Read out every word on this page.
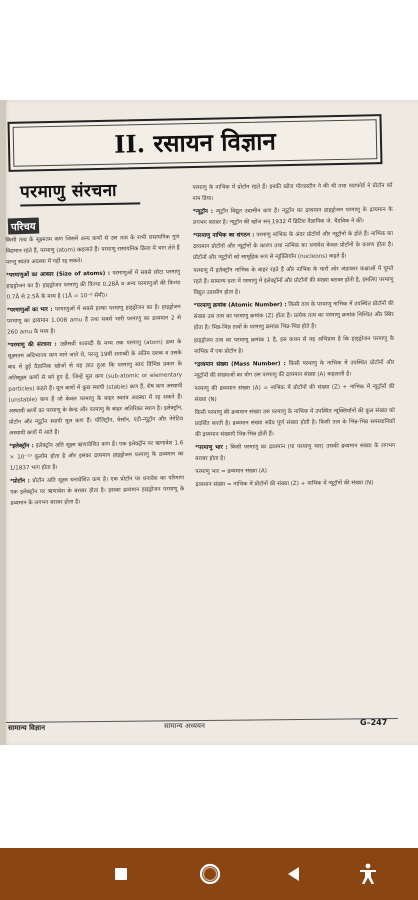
II. रसायन विज्ञान
परमाणु संरचना
परिचय

किसी तत्व के सूक्ष्मतम कण जिसमें अन्य कणों से उस तत्व के सभी रासायनिक गुण विद्यमान रहते हैं, परमाणु (atom) कहलाते हैं। परमाणु रासायनिक क्रिया में भाग लेते हैं परन्तु स्वतंत्र अवस्था में नहीं रह सकते।

*परमाणुओं का आकार (Size of atoms) : परमाणुओं में सबसे छोटा परमाणु हाइड्रोजन का है। हाइड्रोजन परमाणु की त्रिज्या 0.28Å व अन्य परमाणुओं की त्रिज्या 0.7Å से 2.5Å के मध्य है (1Å = 10⁻⁸ सेमी)।

*परमाणुओं का भार : परमाणुओं में सबसे हल्का परमाणु हाइड्रोजन का है। हाइड्रोजन परमाणु का द्रव्यमान 1.008 amu है तथा सबसे भारी परमाणु का द्रव्यमान 2 से 260 amu के मध्य है।

*परमाणु की संरचना : उन्नीसवीं शताब्दी के मध्य तक परमाणु (atom) द्रव्य के सूक्ष्मतम अविभाज्य कण माने जाते थे, परन्तु 19वीं शताब्दी के अंतिम दशक व उसके बाद में हुई वैज्ञानिक खोजों से यह ज्ञात हुआ कि परमाणु स्वयं विभिन्न प्रकार के अतिसूक्ष्म कणों से बने हुए हैं, जिन्हें मूल कण (sub-atomic or elementary particles) कहते हैं। मूल कणों में कुछ स्थायी (stable) कण हैं, शेष कण अस्थायी (unstable) कण हैं जो केवल परमाणु के बाहर स्वतंत्र अवस्था में रह सकते हैं। अस्थायी कणों का परमाणु के केन्द्र और परमाणु के बाहर अतिरिक्त स्थान है। इलेक्ट्रॉन, प्रोटॉन और न्यूट्रॉन स्थायी मूल कण हैं। पॉज़िट्रॉन, मेसॉन, एंटी-न्यूट्रॉन और नेगेटिव अस्थायी कणों में आते हैं।

*इलेक्ट्रॉन : इलेक्ट्रॉन अति सूक्ष्म ऋणावेशित कण हैं। एक इलेक्ट्रॉन पर ऋणावेश 1.6 × 10⁻¹⁹ कूलॉम होता है और इसका द्रव्यमान हाइड्रोजन परमाणु के द्रव्यमान का 1/1837 भाग होता है।

*प्रोटॉन : प्रोटॉन अति सूक्ष्म धनावेशित कण है। एक प्रोटॉन पर धनावेश का परिमाण एक इलेक्ट्रॉन पर ऋणावेश के बराबर होता है। इसका द्रव्यमान हाइड्रोजन परमाणु के द्रव्यमान के लगभग बराबर होता है।

परमाणु के नाभिक में प्रोटॉन रहते हैं। इनकी खोज गोल्डस्टीन ने की थी तथा रदरफोर्ड ने प्रोटॉन को नाम दिया।

*न्यूट्रॉन : न्यूट्रॉन विद्युत उदासीन कण है। न्यूट्रॉन का द्रव्यमान हाइड्रोजन परमाणु के द्रव्यमान के लगभग बराबर है। न्यूट्रॉन की खोज सन् 1932 में ब्रिटिश वैज्ञानिक जे. चैडविक ने की।

*परमाणु नाभिक का संगठन : परमाणु नाभिक के अंदर प्रोटॉनों और न्यूट्रॉनों के होते हैं। नाभिक का द्रव्यमान प्रोटॉनों और न्यूट्रॉनों के कारण तथा नाभिक का धनावेश केवल प्रोटॉनों के कारण होता है। प्रोटॉनों और न्यूट्रॉनों को सामूहिक रूप से न्यूक्लियॉन (nucleons) कहते हैं।

परमाणु में इलेक्ट्रॉन नाभिक के बाहर रहते हैं और नाभिक के चारों ओर अंडाकार कक्षाओं में घूमते रहते हैं। सामान्य दशा में परमाणु में इलेक्ट्रॉनों और प्रोटॉनों की संख्या बराबर होती है, इसलिए परमाणु विद्युत उदासीन होता है।

*परमाणु क्रमांक (Atomic Number) : किसी तत्व के परमाणु नाभिक में उपस्थित प्रोटॉनों की संख्या उस तत्व का परमाणु क्रमांक (Z) होता है। प्रत्येक तत्व का परमाणु क्रमांक निश्चित और स्थिर होता है। भिन्न-भिन्न तत्वों के परमाणु क्रमांक भिन्न-भिन्न होते हैं।

हाइड्रोजन तत्व का परमाणु क्रमांक 1 है, इस कथन से यह अभिप्राय है कि हाइड्रोजन परमाणु के नाभिक में एक प्रोटॉन है।

*द्रव्यमान संख्या (Mass Number) : किसी परमाणु के नाभिक में उपस्थित प्रोटॉनों और न्यूट्रॉनों की संख्याओं का योग उस परमाणु की द्रव्यमान संख्या (A) कहलाती है।

परमाणु की द्रव्यमान संख्या (A) = नाभिक में प्रोटॉनों की संख्या (Z) + नाभिक में न्यूट्रॉनों की संख्या (N)

किसी परमाणु की द्रव्यमान संख्या उस परमाणु के नाभिक में उपस्थित न्यूक्लियॉनों की कुल संख्या को प्रदर्शित करती है। द्रव्यमान संख्या सदैव पूर्ण संख्या होती है। किसी तत्व के भिन्न-भिन्न समस्थानिकों की द्रव्यमान संख्याएँ भिन्न-भिन्न होती हैं।

*परमाणु भार : किसी परमाणु का द्रव्यमान (या परमाणु भार) उसकी द्रव्यमान संख्या के लगभग बराबर होता है।

परमाणु भार = द्रव्यमान संख्या (A)

द्रव्यमान संख्या = नाभिक में प्रोटॉनों की संख्या (Z) + नाभिक में न्यूट्रॉनों की संख्या (N)

सामान्य विज्ञान	सामान्य अध्ययन	G–247
